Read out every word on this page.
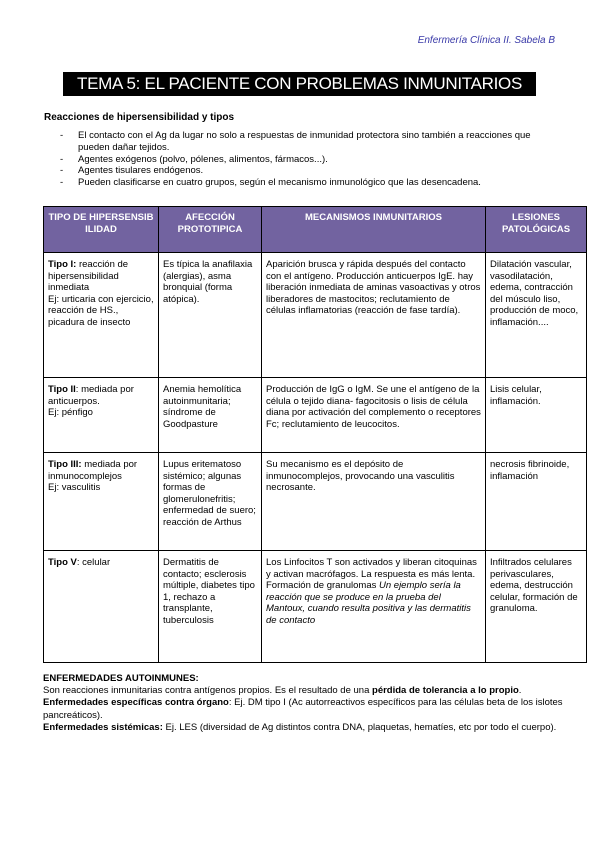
Enfermería Clínica II. Sabela B
TEMA 5: EL PACIENTE CON PROBLEMAS INMUNITARIOS
Reacciones de hipersensibilidad y tipos
- El contacto con el Ag da lugar no solo a respuestas de inmunidad protectora sino también a reacciones que pueden dañar tejidos.
- Agentes exógenos (polvo, pólenes, alimentos, fármacos...).
- Agentes tisulares endógenos.
- Pueden clasificarse en cuatro grupos, según el mecanismo inmunológico que las desencadena.
TIPO DE HIPERSENSIBILIDAD	AFECCIÓN PROTOTIPICA	MECANISMOS INMUNITARIOS	LESIONES PATOLÓGICAS
Tipo I: reacción de hipersensibilidad inmediata
Ej: urticaria con ejercicio, reacción de HS., picadura de insecto	Es típica la anafilaxia (alergias), asma bronquial (forma atópica).	Aparición brusca y rápida después del contacto con el antígeno. Producción anticuerpos IgE. hay liberación inmediata de aminas vasoactivas y otros liberadores de mastocitos; reclutamiento de células inflamatorias (reacción de fase tardía).	Dilatación vascular, vasodilatación, edema, contracción del músculo liso, producción de moco, inflamación....
Tipo II: mediada por anticuerpos.
Ej: pénfigo	Anemia hemolítica autoinmunitaria; síndrome de Goodpasture	Producción de IgG o IgM. Se une el antígeno de la célula o tejido diana- fagocitosis o lisis de célula diana por activación del complemento o receptores Fc; reclutamiento de leucocitos.	Lisis celular, inflamación.
Tipo III: mediada por inmunocomplejos
Ej: vasculitis	Lupus eritematoso sistémico; algunas formas de glomerulonefritis; enfermedad de suero; reacción de Arthus	Su mecanismo es el depósito de inmunocomplejos, provocando una vasculitis necrosante.	necrosis fibrinoide, inflamación
Tipo V: celular	Dermatitis de contacto; esclerosis múltiple, diabetes tipo 1, rechazo a transplante, tuberculosis	Los Linfocitos T son activados y liberan citoquinas y activan macrófagos. La respuesta es más lenta. Formación de granulomas Un ejemplo sería la reacción que se produce en la prueba del Mantoux, cuando resulta positiva y las dermatitis de contacto	Infiltrados celulares perivasculares, edema, destrucción celular, formación de granuloma.

ENFERMEDADES AUTOINMUNES:

Son reacciones inmunitarias contra antígenos propios. Es el resultado de una pérdida de tolerancia a lo propio.

Enfermedades específicas contra órgano: Ej. DM tipo I (Ac autorreactivos específicos para las células beta de los islotes pancreáticos).

Enfermedades sistémicas: Ej. LES (diversidad de Ag distintos contra DNA, plaquetas, hematíes, etc por todo el cuerpo).
